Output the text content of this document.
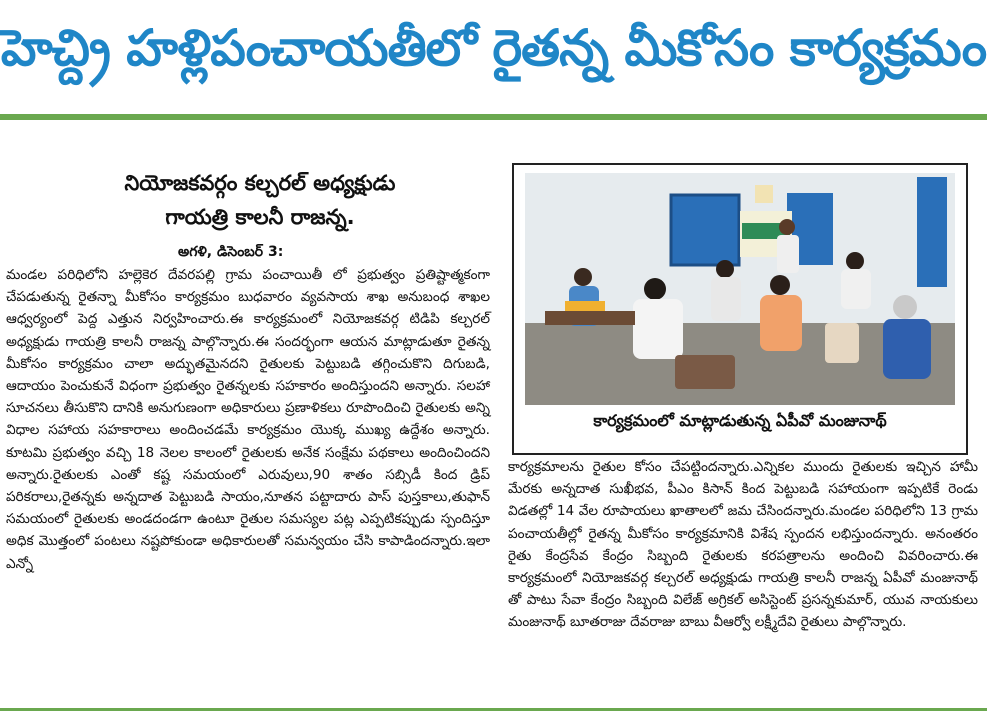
హెచ్ద్రి హళ్లిపంచాయతీలో రైతన్న మీకోసం కార్యక్రమం
నియోజకవర్గం కల్చరల్ అధ్యక్షుడు
గాయత్రి కాలనీ రాజన్న.
అగళి, డిసెంబర్ 3:
మండల పరిధిలోని హల్లెకెర దేవరపల్లి గ్రామ పంచాయితీ లో ప్రభుత్వం ప్రతిష్టాత్మకంగా చేపడుతున్న రైతన్నా మీకోసం కార్యక్రమం బుధవారం వ్యవసాయ శాఖ అనుబంధ శాఖల ఆధ్వర్యంలో పెద్ద ఎత్తున నిర్వహించారు.ఈ కార్యక్రమంలో నియోజకవర్గ టిడిపి కల్చరల్ అధ్యక్షుడు గాయత్రి కాలనీ రాజన్న పాల్గొన్నారు.ఈ సందర్భంగా ఆయన మాట్లాడుతూ రైతన్న మీకోసం కార్యక్రమం చాలా అద్భుతమైనదని రైతులకు పెట్టుబడి తగ్గించుకొని దిగుబడి, ఆదాయం పెంచుకునే విధంగా ప్రభుత్వం రైతన్నలకు సహకారం అందిస్తుందని అన్నారు. సలహా సూచనలు తీసుకొని దానికి అనుగుణంగా అధికారులు ప్రణాళికలు రూపొందించి రైతులకు అన్ని విధాల సహాయ సహకారాలు అందించడమే కార్యక్రమం యొక్క ముఖ్య ఉద్దేశం అన్నారు. కూటమి ప్రభుత్వం వచ్చి 18 నెలల కాలంలో రైతులకు అనేక సంక్షేమ పథకాలు అందించిందని అన్నారు.రైతులకు ఎంతో కష్ట సమయంలో ఎరువులు,90 శాతం సబ్సిడీ కింద డ్రిప్ పరికరాలు,రైతన్నకు అన్నదాత పెట్టుబడి సాయం,నూతన పట్టాదారు పాస్ పుస్తకాలు,తుఫాన్ సమయంలో రైతులకు అండదండగా ఉంటూ రైతుల సమస్యల పట్ల ఎప్పటికప్పుడు స్పందిస్తూ అధిక మొత్తంలో పంటలు నష్టపోకుండా అధికారులతో సమన్వయం చేసి కాపాడిందన్నారు.ఇలా ఎన్నో
కార్యక్రమంలో మాట్లాడుతున్న ఏపీవో మంజునాథ్
కార్యక్రమాలను రైతుల కోసం చేపట్టిందన్నారు.ఎన్నికల ముందు రైతులకు ఇచ్చిన హామీ మేరకు అన్నదాత సుఖీభవ, పీఎం కిసాన్ కింద పెట్టుబడి సహాయంగా ఇప్పటికే రెండు విడతల్లో 14 వేల రూపాయలు ఖాతాలలో జమ చేసిందన్నారు.మండల పరిధిలోని 13 గ్రామ పంచాయతీల్లో రైతన్న మీకోసం కార్యక్రమానికి విశేష స్పందన లభిస్తుందన్నారు. అనంతరం రైతు కేంద్రసేవ కేంద్రం సిబ్బంది రైతులకు కరపత్రాలను అందించి వివరించారు.ఈ కార్యక్రమంలో నియోజకవర్గ కల్చరల్ అధ్యక్షుడు గాయత్రి కాలనీ రాజన్న ఏపీవో మంజునాథ్ తో పాటు సేవా కేంద్రం సిబ్బంది విలేజ్ అగ్రికల్ అసిస్టెంట్ ప్రసన్నకుమార్, యువ నాయకులు మంజునాథ్ బూతరాజు దేవరాజు బాబు వీఆర్వో లక్ష్మీదేవి రైతులు పాల్గొన్నారు.
